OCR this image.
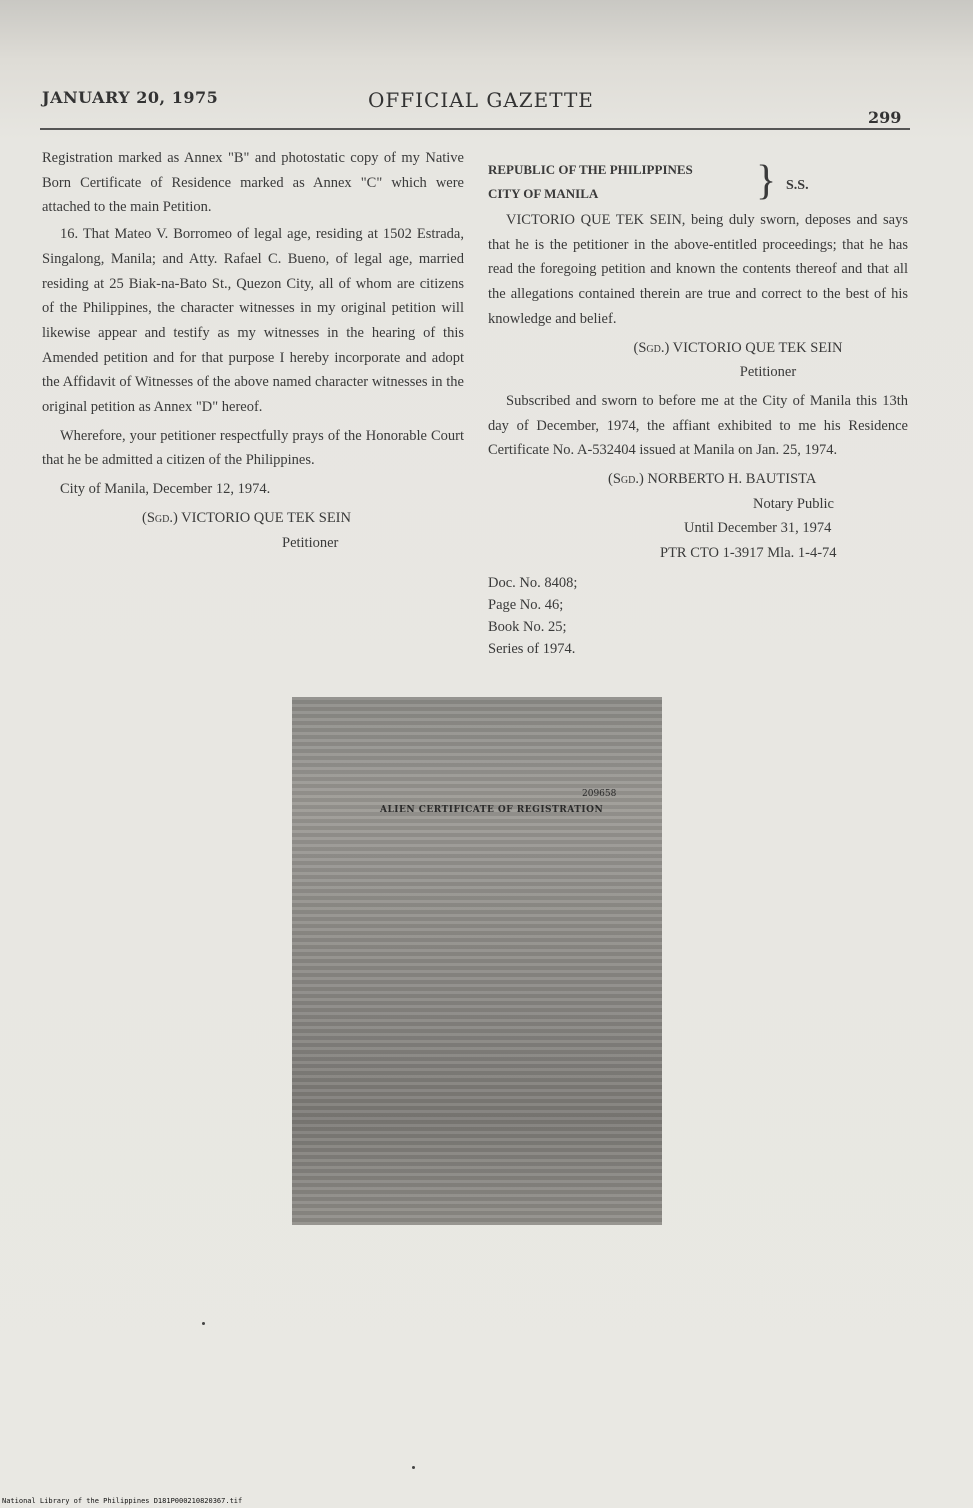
JANUARY 20, 1975	OFFICIAL GAZETTE
299

Registration marked as Annex "B" and photostatic copy of my Native Born Certificate of Residence marked as Annex "C" which were attached to the main Petition.

16. That Mateo V. Borromeo of legal age, residing at 1502 Estrada, Singalong, Manila; and Atty. Rafael C. Bueno, of legal age, married residing at 25 Biak-na-Bato St., Quezon City, all of whom are citizens of the Philippines, the character witnesses in my original petition will likewise appear and testify as my witnesses in the hearing of this Amended petition and for that purpose I hereby incorporate and adopt the Affidavit of Witnesses of the above named character witnesses in the original petition as Annex "D" hereof.

Wherefore, your petitioner respectfully prays of the Honorable Court that he be admitted a citizen of the Philippines.

City of Manila, December 12, 1974.

(Sgd.) VICTORIO QUE TEK SEIN
Petitioner
REPUBLIC OF THE PHILIPPINES
CITY OF MANILA	} S.S.

VICTORIO QUE TEK SEIN, being duly sworn, deposes and says that he is the petitioner in the above-entitled proceedings; that he has read the foregoing petition and known the contents thereof and that all the allegations contained therein are true and correct to the best of his knowledge and belief.

(Sgd.) VICTORIO QUE TEK SEIN
Petitioner

Subscribed and sworn to before me at the City of Manila this 13th day of December, 1974, the affiant exhibited to me his Residence Certificate No. A-532404 issued at Manila on Jan. 25, 1974.

(Sgd.) NORBERTO H. BAUTISTA
Notary Public
Until December 31, 1974
PTR CTO 1-3917 Mla. 1-4-74
Doc. No. 8408;
Page No. 46;
Book No. 25;
Series of 1974.
209658
ALIEN CERTIFICATE OF REGISTRATION
National Library of the Philippines D181P000210820367.tif
